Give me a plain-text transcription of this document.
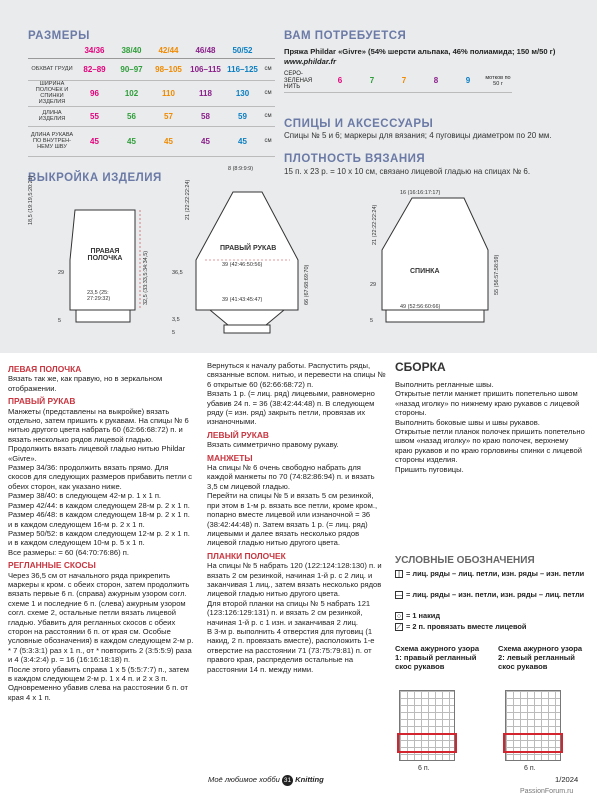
РАЗМЕРЫ
	34/36	38/40	42/44	46/48	50/52	
ОБХВАТ ГРУДИ	82–89	90–97	98–105	106–115	116–125	см
ШИРИНА ПОЛОЧЕК И СПИНКИ ИЗДЕЛИЯ	96	102	110	118	130	см
ДЛИНА ИЗДЕЛИЯ	55	56	57	58	59	см
ДЛИНА РУКАВА ПО ВНУТРЕН-НЕМУ ШВУ	45	45	45	45	45	см
ВАМ ПОТРЕБУЕТСЯ
Пряжа Phildar «Givre» (54% шерсти альпака, 46% полиамида; 150 м/50 г)
www.phildar.fr
СЕРО-ЗЕЛЕНАЯ НИТЬ	6	7	7	8	9	мотков по 50 г
СПИЦЫ И АКСЕССУАРЫ
Спицы № 5 и 6; маркеры для вязания; 4 пуговицы диаметром по 20 мм.
ПЛОТНОСТЬ ВЯЗАНИЯ
15 п. х 23 р. = 10 х 10 см, связано лицевой гладью на спицах № 6.
ВЫКРОЙКА ИЗДЕЛИЯ
ПРАВАЯ ПОЛОЧКА
ПРАВЫЙ РУКАВ
СПИНКА
23,5 (25: 27:29:32)
18,5 (19:19,5:20:21)
32,5 (33:33,5:34:34,5)
29
5
8 (8:9:9:9)
21 (22:22:22:24)
39 (42:46:50:56)
39 (41:43:45:47)
36,5
3,5
5
66 (67:68:69:70)
16 (16:16:17:17)
21 (22:22:22:24)
49 (52:56:60:66)
29
5
55 (56:57:58:59)
ЛЕВАЯ ПОЛОЧКА

Вязать так же, как правую, но в зеркальном отображении.

ПРАВЫЙ РУКАВ

Манжеты (представлены на выкройке) вязать отдельно, затем пришить к рукавам. На спицы № 6 нитью другого цвета набрать 60 (62:66:68:72) п. и вязать несколько рядов лицевой гладью. Продолжить вязать лицевой гладью нитью Phildar «Givre».

Размер 34/36: продолжить вязать прямо. Для скосов для следующих размеров прибавить петли с обеих сторон, как указано ниже.

Размер 38/40: в следующем 42-м р. 1 х 1 п.

Размер 42/44: в каждом следующем 28-м р. 2 х 1 п.

Размер 46/48: в каждом следующем 18-м р. 2 х 1 п. и в каждом следующем 16-м р. 2 х 1 п.

Размер 50/52: в каждом следующем 12-м р. 2 х 1 п. и в каждом следующем 10-м р. 5 х 1 п.

Все размеры: = 60 (64:70:76:86) п.

РЕГЛАННЫЕ СКОСЫ

Через 36,5 см от начального ряда прикрепить маркеры к кром. с обеих сторон, затем продолжить вязать первые 6 п. (справа) ажурным узором согл. схеме 1 и последние 6 п. (слева) ажурным узором согл. схеме 2, остальные петли вязать лицевой гладью. Убавить для регланных скосов с обеих сторон на расстоянии 6 п. от края см. Особые условные обозначения) в каждом следующем 2-м р. * 7 (5:3:3:1) раз х 1 п., от * повторить 2 (3:5:5:9) раза и 4 (3:4:2:4) р. = 16 (16:16:18:18) п.

После этого убавить справа 1 х 5 (5:5:7:7) п., затем в каждом следующем 2-м р. 1 х 4 п. и 2 х 3 п. Одновременно убавив слева на расстоянии 6 п. от края 4 х 1 п.

Вернуться к началу работы. Распустить ряды, связанные вспом. нитью, и перевести на спицы № 6 открытые 60 (62:66:68:72) п.

Вязать 1 р. (= лиц. ряд) лицевыми, равномерно убавив 24 п. = 36 (38:42:44:48) п. В следующем ряду (= изн. ряд) закрыть петли, провязав их изнаночными.

ЛЕВЫЙ РУКАВ

Вязать симметрично правому рукаву.

МАНЖЕТЫ

На спицы № 6 очень свободно набрать для каждой манжеты по 70 (74:82:86:94) п. и вязать 3,5 см лицевой гладью.

Перейти на спицы № 5 и вязать 5 см резинкой, при этом в 1-м р. вязать все петли, кроме кром., попарно вместе лицевой или изнаночной = 36 (38:42:44:48) п. Затем вязать 1 р. (= лиц. ряд) лицевыми и далее вязать несколько рядов лицевой гладью нитью другого цвета.

ПЛАНКИ ПОЛОЧЕК

На спицы № 5 набрать 120 (122:124:128:130) п. и вязать 2 см резинкой, начиная 1-й р. с 2 лиц. и заканчивая 1 лиц., затем вязать несколько рядов лицевой гладью нитью другого цвета.

Для второй планки на спицы № 5 набрать 121 (123:126:129:131) п. и вязать 2 см резинкой, начиная 1-й р. с 1 изн. и заканчивая 2 лиц.

В 3-м р. выполнить 4 отверстия для пуговиц (1 накид, 2 п. провязать вместе), расположить 1-е отверстие на расстоянии 71 (73:75:79:81) п. от правого края, распределив остальные на расстоянии 14 п. между ними.

СБОРКА

Выполнить регланные швы.

Открытые петли манжет пришить попетельно швом «назад иголку» по нижнему краю рукавов с лицевой стороны.

Выполнить боковые швы и швы рукавов.

Открытые петли планок полочек пришить попетельно швом «назад иголку» по краю полочек, верхнему краю рукавов и по краю горловины спинки с лицевой стороны изделия.

Пришить пуговицы.

УСЛОВНЫЕ ОБОЗНАЧЕНИЯ
| = лиц. ряды – лиц. петли, изн. ряды – изн. петли
— = лиц. ряды – изн. петли, изн. ряды – лиц. петли
○ = 1 накид
⟋ = 2 п. провязать вместе лицевой
Схема ажурного узора 1: правый регланный скос рукавов
Схема ажурного узора 2: левый регланный скос рукавов
6 п.	6 п.
Моё любимое хобби 31 Knitting	1/2024
PassionForum.ru
